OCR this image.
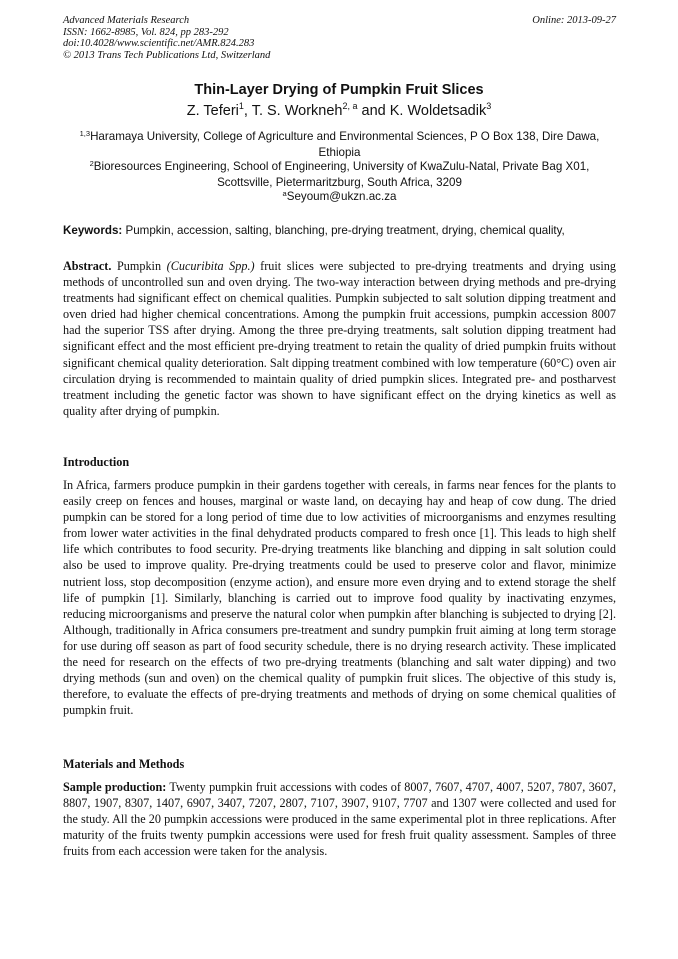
Advanced Materials Research
ISSN: 1662-8985, Vol. 824, pp 283-292
doi:10.4028/www.scientific.net/AMR.824.283
© 2013 Trans Tech Publications Ltd, Switzerland
Online: 2013-09-27
Thin-Layer Drying of Pumpkin Fruit Slices
Z. Teferi$^1$, T. S. Workneh$^{2, a}$ and K. Woldetsadik$^3$
$^{1,3}$Haramaya University, College of Agriculture and Environmental Sciences, P O Box 138, Dire Dawa, Ethiopia
$^2$Bioresources Engineering, School of Engineering, University of KwaZulu-Natal, Private Bag X01, Scottsville, Pietermaritzburg, South Africa, 3209
$^a$Seyoum@ukzn.ac.za
Keywords: Pumpkin, accession, salting, blanching, pre-drying treatment, drying, chemical quality,
Abstract. Pumpkin (Cucuribita Spp.) fruit slices were subjected to pre-drying treatments and drying using methods of uncontrolled sun and oven drying. The two-way interaction between drying methods and pre-drying treatments had significant effect on chemical qualities. Pumpkin subjected to salt solution dipping treatment and oven dried had higher chemical concentrations. Among the pumpkin fruit accessions, pumpkin accession 8007 had the superior TSS after drying. Among the three pre-drying treatments, salt solution dipping treatment had significant effect and the most efficient pre-drying treatment to retain the quality of dried pumpkin fruits without significant chemical quality deterioration. Salt dipping treatment combined with low temperature (60°C) oven air circulation drying is recommended to maintain quality of dried pumpkin slices. Integrated pre- and postharvest treatment including the genetic factor was shown to have significant effect on the drying kinetics as well as quality after drying of pumpkin.
Introduction
In Africa, farmers produce pumpkin in their gardens together with cereals, in farms near fences for the plants to easily creep on fences and houses, marginal or waste land, on decaying hay and heap of cow dung. The dried pumpkin can be stored for a long period of time due to low activities of microorganisms and enzymes resulting from lower water activities in the final dehydrated products compared to fresh once [1]. This leads to high shelf life which contributes to food security. Pre-drying treatments like blanching and dipping in salt solution could also be used to improve quality. Pre-drying treatments could be used to preserve color and flavor, minimize nutrient loss, stop decomposition (enzyme action), and ensure more even drying and to extend storage the shelf life of pumpkin [1]. Similarly, blanching is carried out to improve food quality by inactivating enzymes, reducing microorganisms and preserve the natural color when pumpkin after blanching is subjected to drying [2]. Although, traditionally in Africa consumers pre-treatment and sundry pumpkin fruit aiming at long term storage for use during off season as part of food security schedule, there is no drying research activity. These implicated the need for research on the effects of two pre-drying treatments (blanching and salt water dipping) and two drying methods (sun and oven) on the chemical quality of pumpkin fruit slices. The objective of this study is, therefore, to evaluate the effects of pre-drying treatments and methods of drying on some chemical qualities of pumpkin fruit.
Materials and Methods
Sample production: Twenty pumpkin fruit accessions with codes of 8007, 7607, 4707, 4007, 5207, 7807, 3607, 8807, 1907, 8307, 1407, 6907, 3407, 7207, 2807, 7107, 3907, 9107, 7707 and 1307 were collected and used for the study. All the 20 pumpkin accessions were produced in the same experimental plot in three replications. After maturity of the fruits twenty pumpkin accessions were used for fresh fruit quality assessment. Samples of three fruits from each accession were taken for the analysis.
